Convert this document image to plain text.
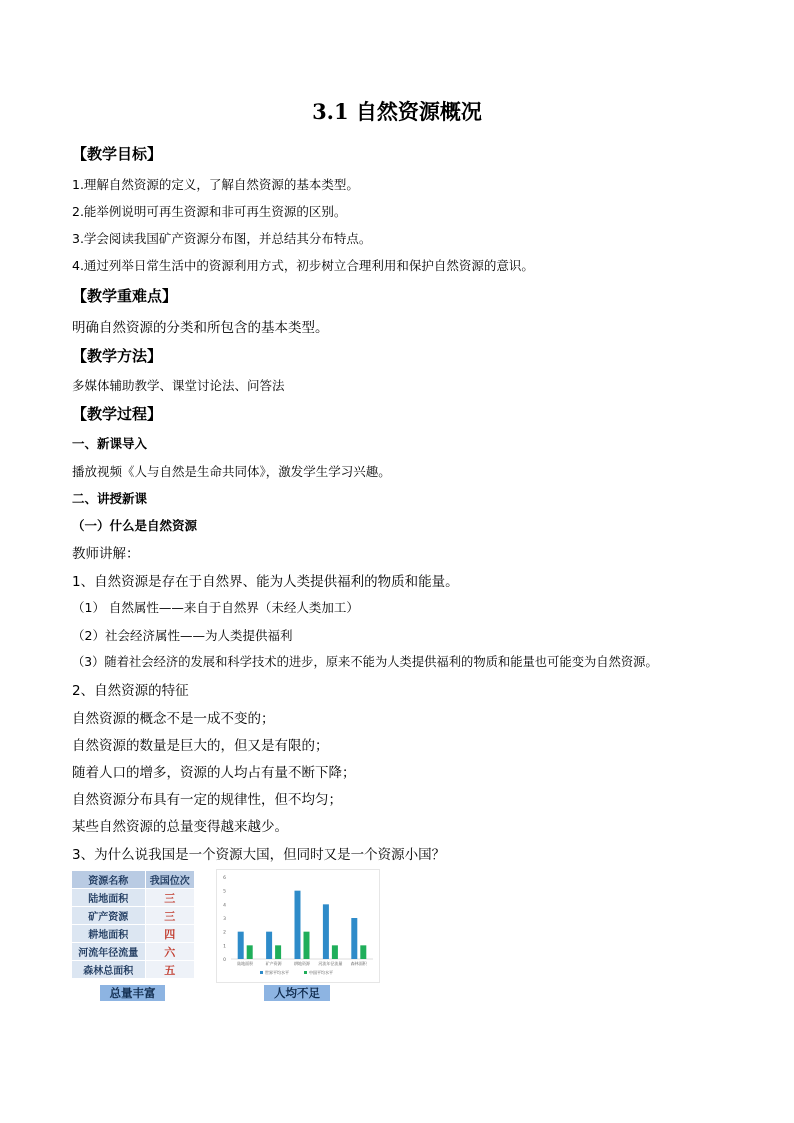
3.1 自然资源概况
【教学目标】
1.理解自然资源的定义，了解自然资源的基本类型。
2.能举例说明可再生资源和非可再生资源的区别。
3.学会阅读我国矿产资源分布图，并总结其分布特点。
4.通过列举日常生活中的资源利用方式，初步树立合理利用和保护自然资源的意识。
【教学重难点】
明确自然资源的分类和所包含的基本类型。
【教学方法】
多媒体辅助教学、课堂讨论法、问答法
【教学过程】
一、新课导入
播放视频《人与自然是生命共同体》，激发学生学习兴趣。
二、讲授新课
（一）什么是自然资源
教师讲解：
1、自然资源是存在于自然界、能为人类提供福利的物质和能量。
（1） 自然属性——来自于自然界（未经人类加工）
（2）社会经济属性——为人类提供福利
（3）随着社会经济的发展和科学技术的进步，原来不能为人类提供福利的物质和能量也可能变为自然资源。
2、自然资源的特征
自然资源的概念不是一成不变的；
自然资源的数量是巨大的，但又是有限的；
随着人口的增多，资源的人均占有量不断下降；
自然资源分布具有一定的规律性，但不均匀；
某些自然资源的总量变得越来越少。
3、为什么说我国是一个资源大国，但同时又是一个资源小国？
资源名称	我国位次
陆地面积	三
矿产资源	三
耕地面积	四
河流年径流量	六
森林总面积	五
总量丰富
0
1
2
3
4
5
6
陆地面积	矿产资源	耕地资源 河流年径流量 森林面积
世界平均水平	中国平均水平
人均不足
